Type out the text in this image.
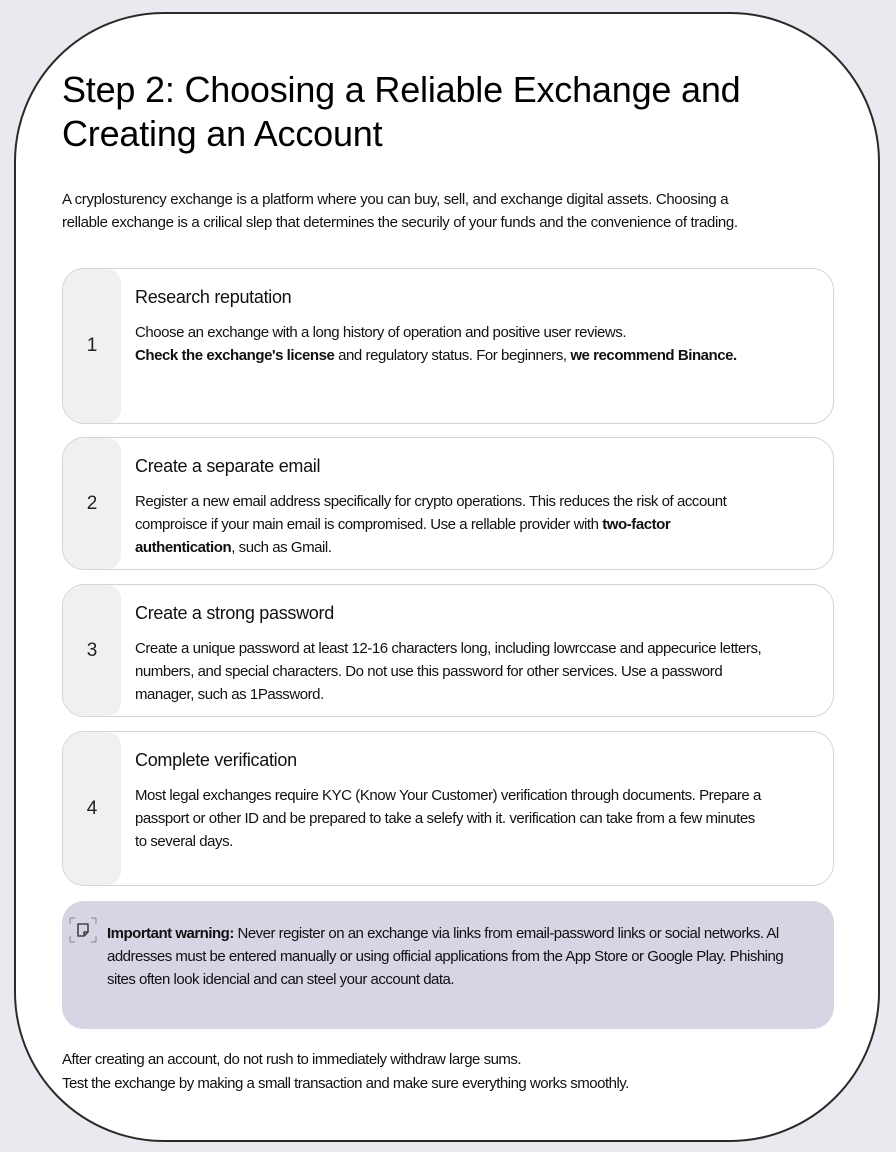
Step 2: Choosing a Reliable Exchange and
Creating an Account

A cryplosturency exchange is a platform where you can buy, sell, and exchange digital assets. Choosing a rellable exchange is a crilical slep that determines the securily of your funds and the convenience of trading.

1
Research reputation

Choose an exchange with a long history of operation and positive user reviews.
Check the exchange's license and regulatory status. For beginners, we recommend Binance.

2
Create a separate email

Register a new email address specifically for crypto operations. This reduces the risk of account comproisce if your main email is compromised. Use a rellable provider with two-factor authentication, such as Gmail.

3
Create a strong password

Create a unique password at least 12-16 characters long, including lowrccase and appecurice letters, numbers, and special characters. Do not use this password for other services. Use a password manager, such as 1Password.

4
Complete verification

Most legal exchanges require KYC (Know Your Customer) verification through documents. Prepare a passport or other ID and be prepared to take a selefy with it. verification can take from a few minutes to several days.

Important warning: Never register on an exchange via links from email-password links or social networks. Al addresses must be entered manually or using official applications from the App Store or Google Play. Phishing sites often look idencial and can steel your account data.

After creating an account, do not rush to immediately withdraw large sums.
Test the exchange by making a small transaction and make sure everything works smoothly.
